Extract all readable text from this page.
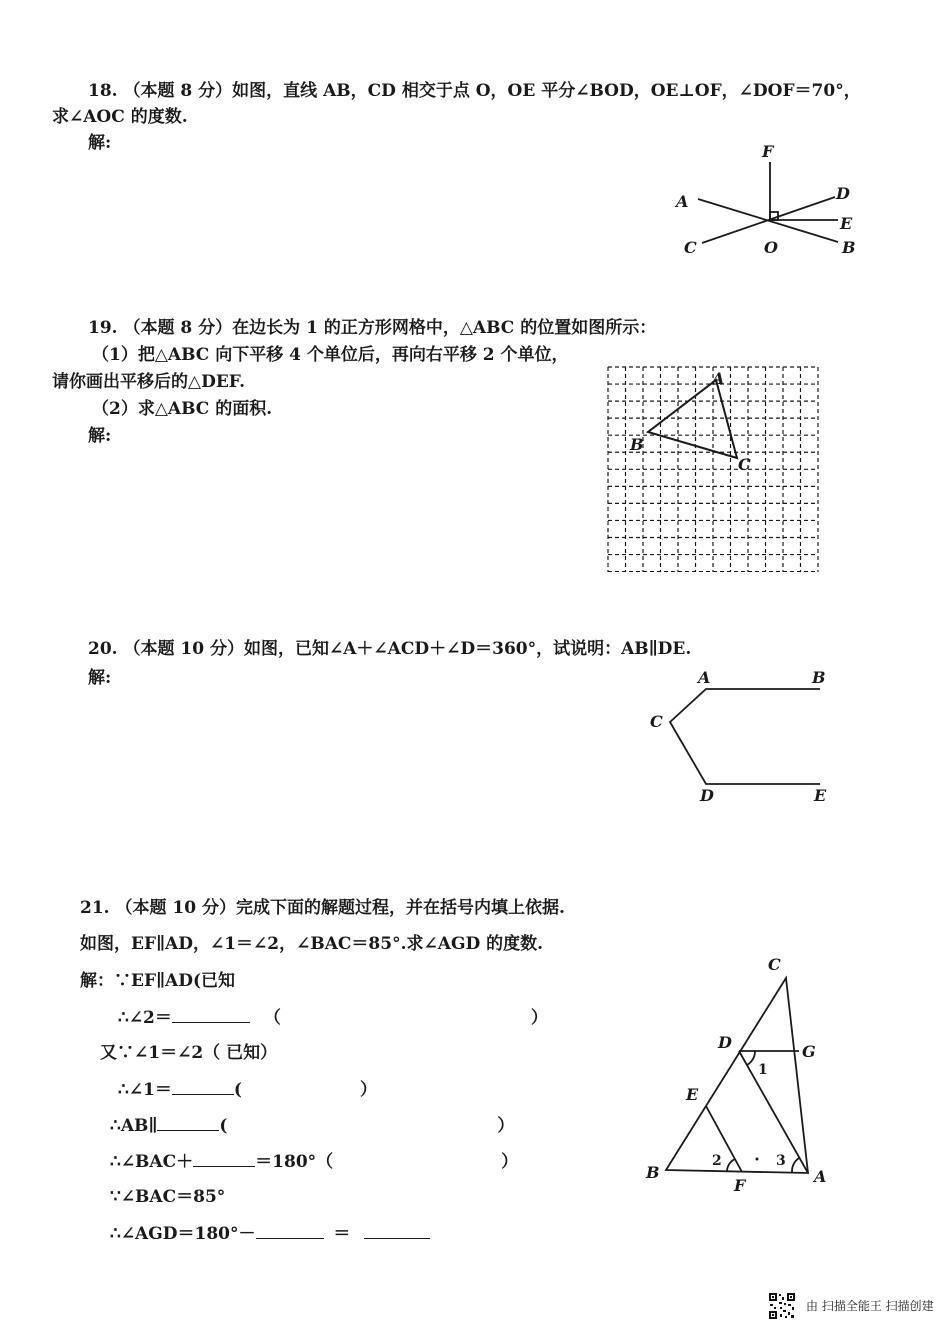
18. （本题 8 分）如图，直线 AB，CD 相交于点 O，OE 平分∠BOD，OE⊥OF，∠DOF＝70°，
求∠AOC 的度数.
解:	F
A	D
E
C	O	B
19. （本题 8 分）在边长为 1 的正方形网格中，△ABC 的位置如图所示：
（1）把△ABC 向下平移 4 个单位后，再向右平移 2 个单位，
请你画出平移后的△DEF.
（2）求△ABC 的面积.
解:
A
B
C
20. （本题 10 分）如图，已知∠A＋∠ACD＋∠D＝360°，试说明：AB∥DE.
解:	A	B
C
D	E
21. （本题 10 分）完成下面的解题过程，并在括号内填上依据.
如图，EF∥AD，∠1＝∠2，∠BAC＝85°.求∠AGD 的度数.
解：∵EF∥AD(已知
∴∠2＝	（	）
又∵∠1＝∠2（ 已知）
∴∠1＝	(	）
∴AB∥	(	）
∴∠BAC＋	＝180°（	）
∵∠BAC＝85°
∴∠AGD＝180°－	＝
C
D	G
E
B
F	A
1
2	3
由 扫描全能王 扫描创建
